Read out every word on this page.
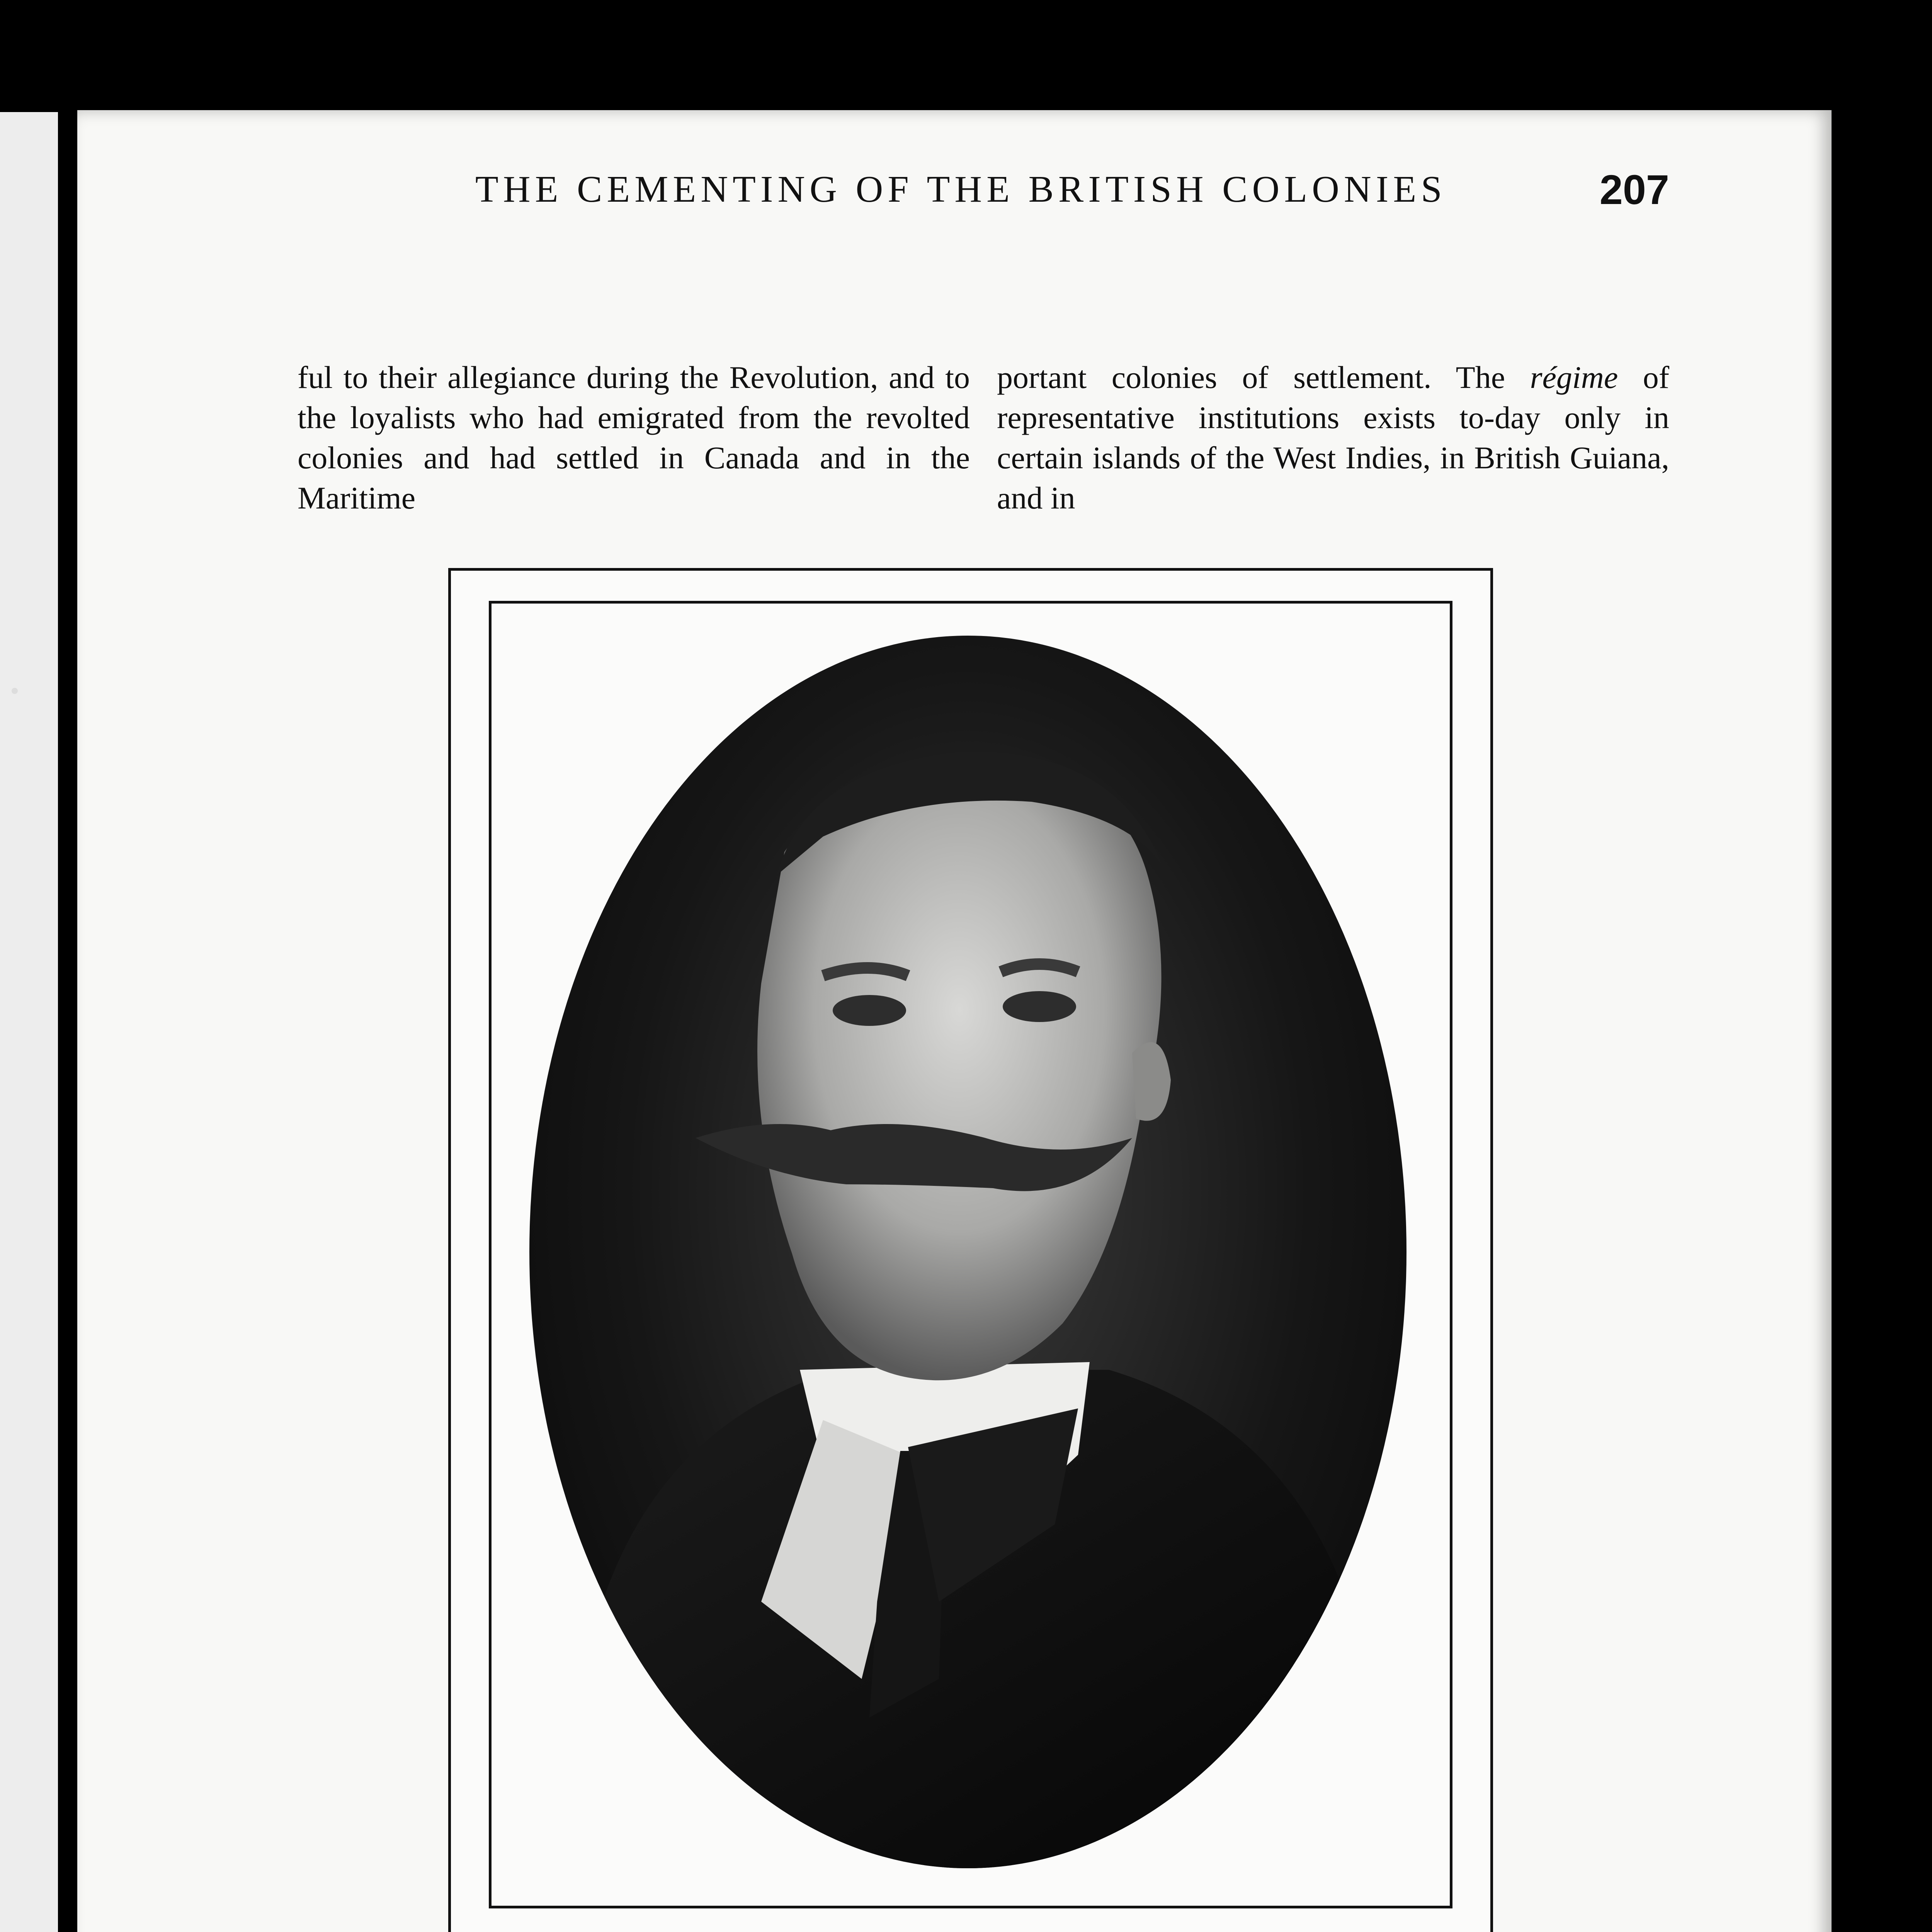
THE CEMENTING OF THE BRITISH COLONIES	207

ful to their allegiance during the Revolution, and to the loyalists who had emigrated from the revolted colonies and had settled in Canada and in the Maritime

portant colonies of settlement. The régime of representative institutions exists to-day only in certain islands of the West Indies, in British Guiana, and in
